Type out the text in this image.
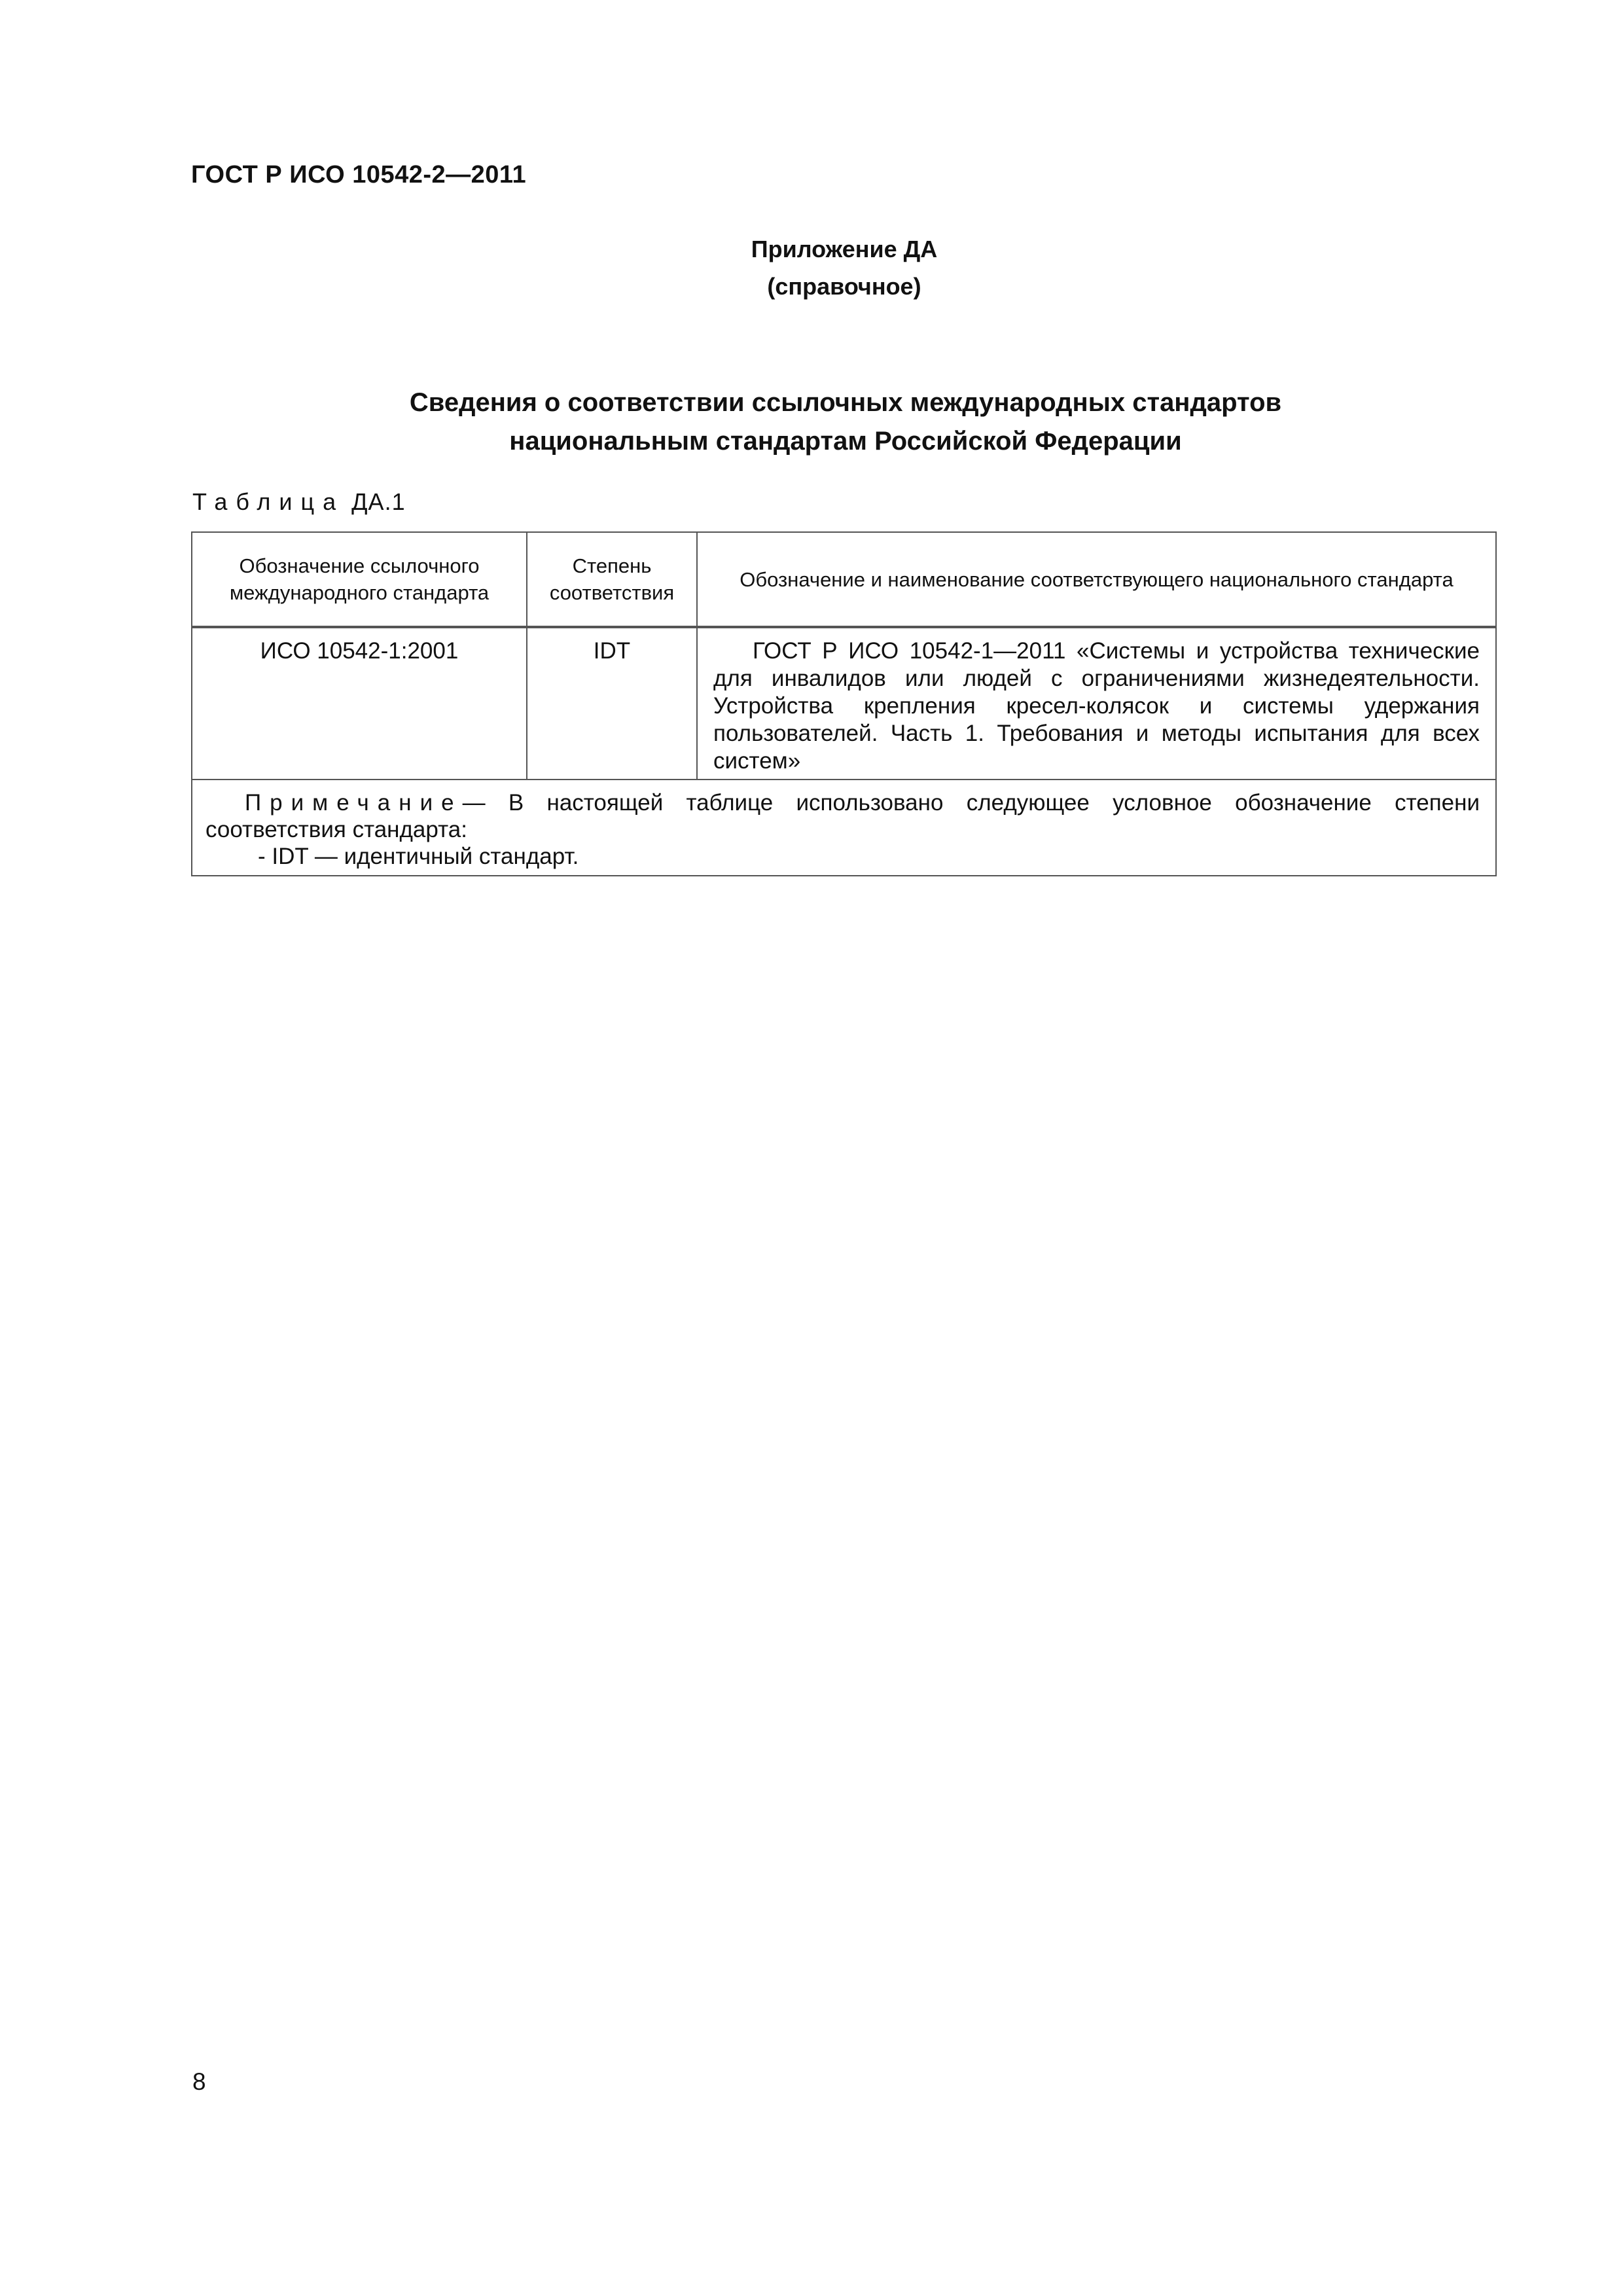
ГОСТ Р ИСО 10542-2—2011
Приложение ДА
(справочное)
Сведения о соответствии ссылочных международных стандартов
национальным стандартам Российской Федерации
Таблица ДА.1
Обозначение ссылочного международного стандарта	Степень соответствия	Обозначение и наименование соответствующего национального стандарта
ИСО 10542-1:2001	IDT	ГОСТ Р ИСО 10542-1—2011 «Системы и устройства технические для инвалидов или людей с ограничениями жизнедеятельности. Устройства крепления кресел-колясок и системы удержания пользователей. Часть 1. Требования и методы испытания для всех систем»

Примечание— В настоящей таблице использовано следующее условное обозначение степени соответствия стандарта:
- IDT — идентичный стандарт.		
8
